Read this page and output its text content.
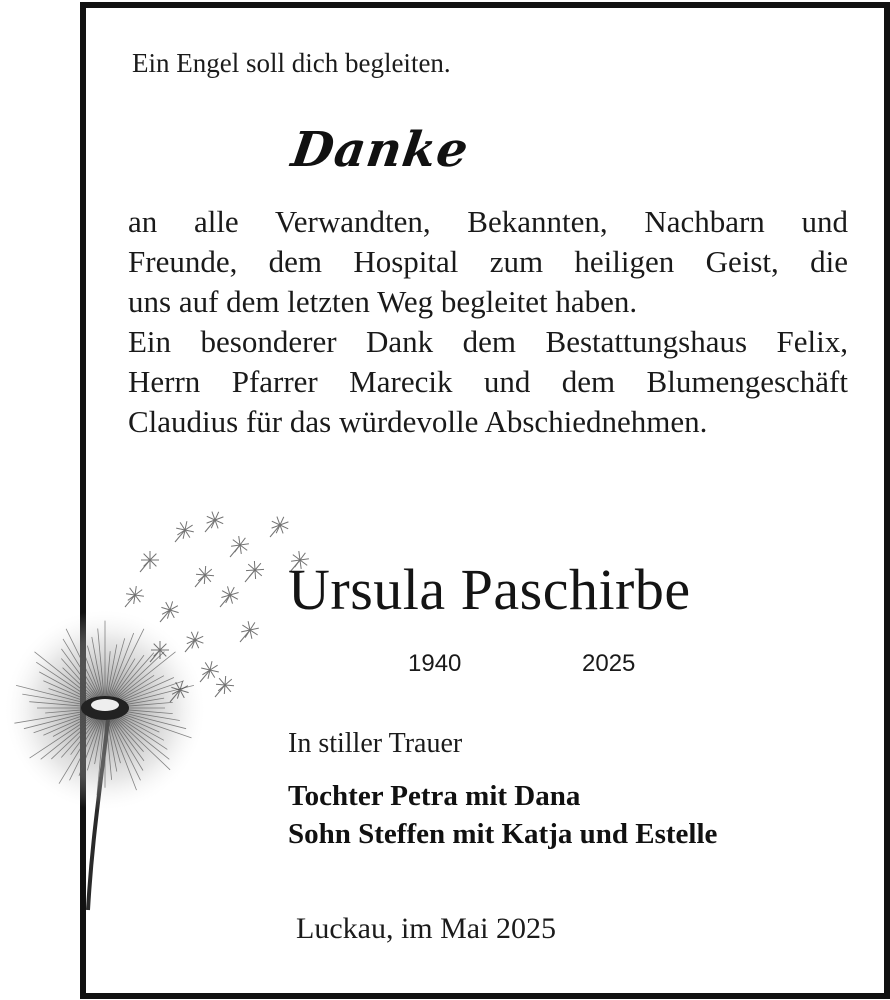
Ein Engel soll dich begleiten.

Danke

an alle Verwandten, Bekannten, Nachbarn und
Freunde, dem Hospital zum heiligen Geist, die
uns auf dem letzten Weg begleitet haben.
Ein besonderer Dank dem Bestattungshaus Felix,
Herrn Pfarrer Marecik und dem Blumengeschäft
Claudius für das würdevolle Abschiednehmen.

Ursula Paschirbe

1940	2025

In stiller Trauer

Tochter Petra mit Dana

Sohn Steffen mit Katja und Estelle

Luckau, im Mai 2025
